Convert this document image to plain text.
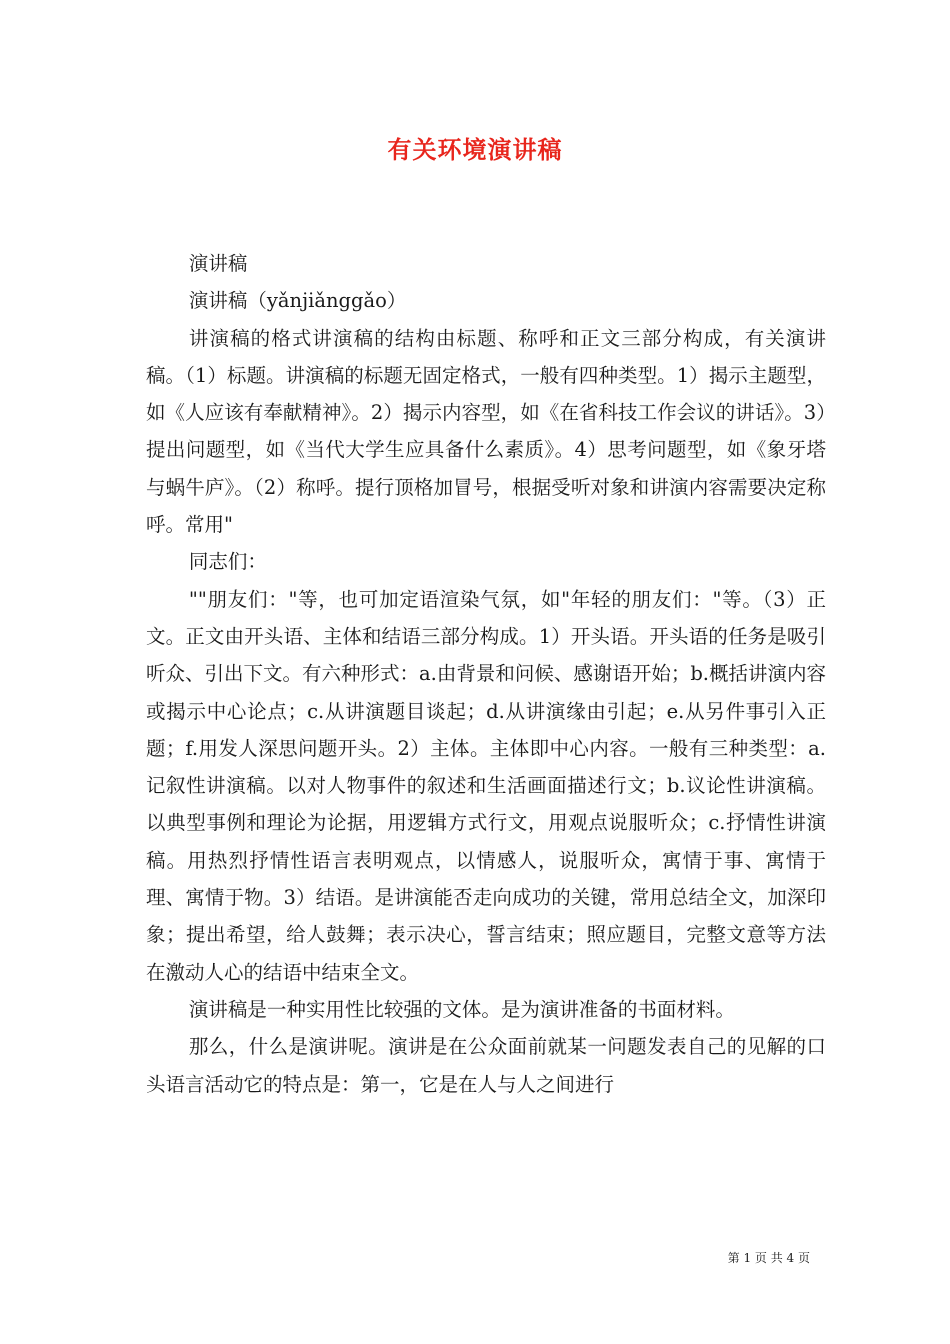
有关环境演讲稿

演讲稿

演讲稿（yǎnjiǎnggǎo）

讲演稿的格式讲演稿的结构由标题、称呼和正文三部分构成，有关演讲稿。（1）标题。讲演稿的标题无固定格式，一般有四种类型。1）揭示主题型，如《人应该有奉献精神》。2）揭示内容型，如《在省科技工作会议的讲话》。3）提出问题型，如《当代大学生应具备什么素质》。4）思考问题型，如《象牙塔与蜗牛庐》。（2）称呼。提行顶格加冒号，根据受听对象和讲演内容需要决定称呼。常用"

同志们：

""朋友们："等，也可加定语渲染气氛，如"年轻的朋友们："等。（3）正文。正文由开头语、主体和结语三部分构成。1）开头语。开头语的任务是吸引听众、引出下文。有六种形式：a.由背景和问候、感谢语开始；b.概括讲演内容或揭示中心论点；c.从讲演题目谈起；d.从讲演缘由引起；e.从另件事引入正题；f.用发人深思问题开头。2）主体。主体即中心内容。一般有三种类型：a.记叙性讲演稿。以对人物事件的叙述和生活画面描述行文；b.议论性讲演稿。以典型事例和理论为论据，用逻辑方式行文，用观点说服听众；c.抒情性讲演稿。用热烈抒情性语言表明观点，以情感人，说服听众，寓情于事、寓情于理、寓情于物。3）结语。是讲演能否走向成功的关键，常用总结全文，加深印象；提出希望，给人鼓舞；表示决心，誓言结束；照应题目，完整文意等方法在激动人心的结语中结束全文。

演讲稿是一种实用性比较强的文体。是为演讲准备的书面材料。

那么，什么是演讲呢。演讲是在公众面前就某一问题发表自己的见解的口头语言活动它的特点是：第一，它是在人与人之间进行

第 1 页 共 4 页
